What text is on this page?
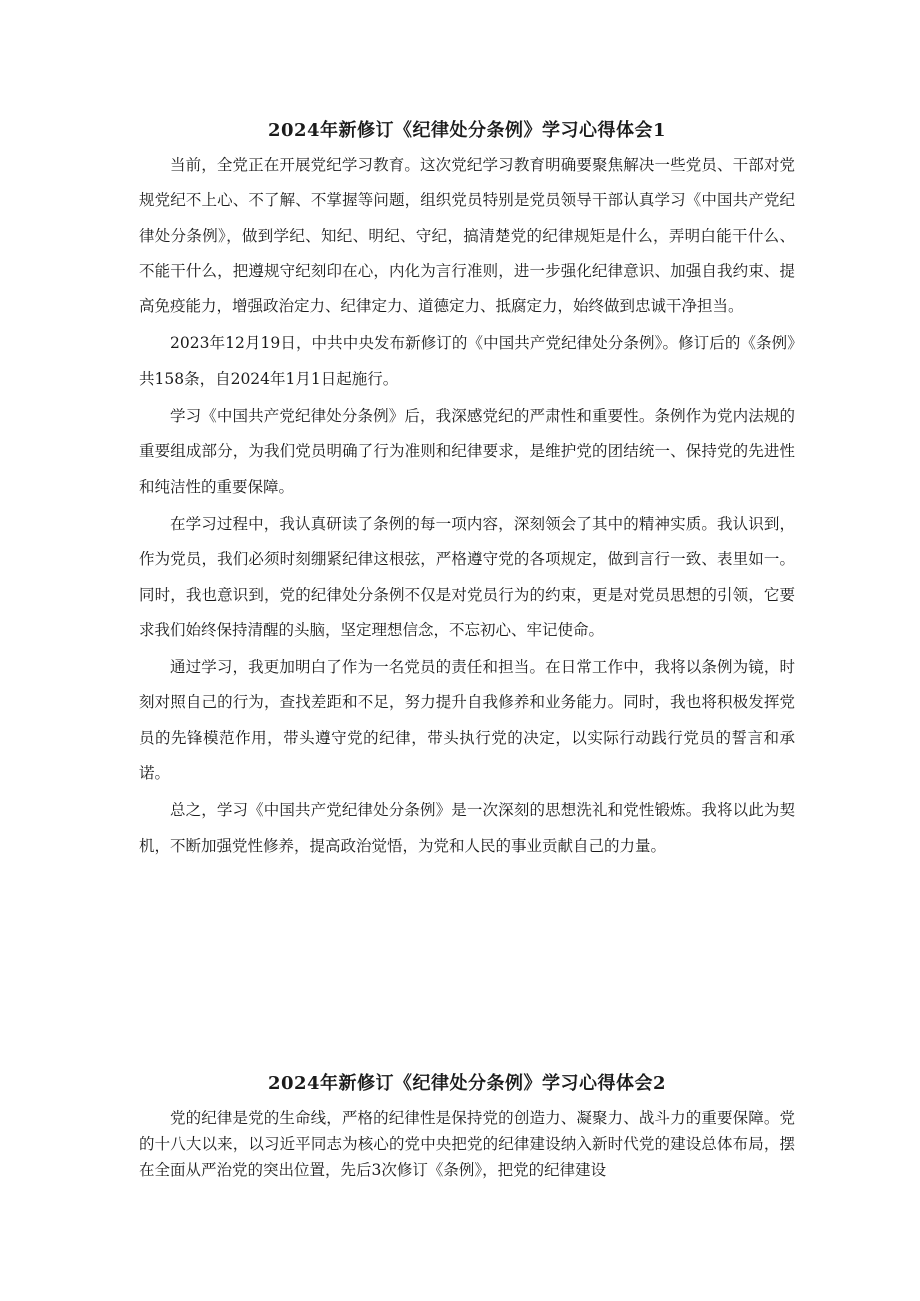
2024年新修订《纪律处分条例》学习心得体会1

当前，全党正在开展党纪学习教育。这次党纪学习教育明确要聚焦解决一些党员、干部对党规党纪不上心、不了解、不掌握等问题，组织党员特别是党员领导干部认真学习《中国共产党纪律处分条例》，做到学纪、知纪、明纪、守纪，搞清楚党的纪律规矩是什么，弄明白能干什么、不能干什么，把遵规守纪刻印在心，内化为言行准则，进一步强化纪律意识、加强自我约束、提高免疫能力，增强政治定力、纪律定力、道德定力、抵腐定力，始终做到忠诚干净担当。

2023年12月19日，中共中央发布新修订的《中国共产党纪律处分条例》。修订后的《条例》共158条，自2024年1月1日起施行。

学习《中国共产党纪律处分条例》后，我深感党纪的严肃性和重要性。条例作为党内法规的重要组成部分，为我们党员明确了行为准则和纪律要求，是维护党的团结统一、保持党的先进性和纯洁性的重要保障。

在学习过程中，我认真研读了条例的每一项内容，深刻领会了其中的精神实质。我认识到，作为党员，我们必须时刻绷紧纪律这根弦，严格遵守党的各项规定，做到言行一致、表里如一。同时，我也意识到，党的纪律处分条例不仅是对党员行为的约束，更是对党员思想的引领，它要求我们始终保持清醒的头脑，坚定理想信念，不忘初心、牢记使命。

通过学习，我更加明白了作为一名党员的责任和担当。在日常工作中，我将以条例为镜，时刻对照自己的行为，查找差距和不足，努力提升自我修养和业务能力。同时，我也将积极发挥党员的先锋模范作用，带头遵守党的纪律，带头执行党的决定，以实际行动践行党员的誓言和承诺。

总之，学习《中国共产党纪律处分条例》是一次深刻的思想洗礼和党性锻炼。我将以此为契机，不断加强党性修养，提高政治觉悟，为党和人民的事业贡献自己的力量。

2024年新修订《纪律处分条例》学习心得体会2

党的纪律是党的生命线，严格的纪律性是保持党的创造力、凝聚力、战斗力的重要保障。党的十八大以来，以习近平同志为核心的党中央把党的纪律建设纳入新时代党的建设总体布局，摆在全面从严治党的突出位置，先后3次修订《条例》，把党的纪律建设
